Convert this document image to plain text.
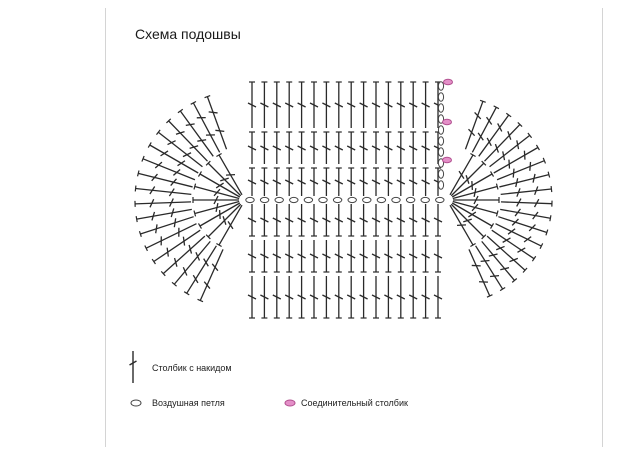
Схема подошвы
Столбик с накидом
Воздушная петля	Соединительный столбик
